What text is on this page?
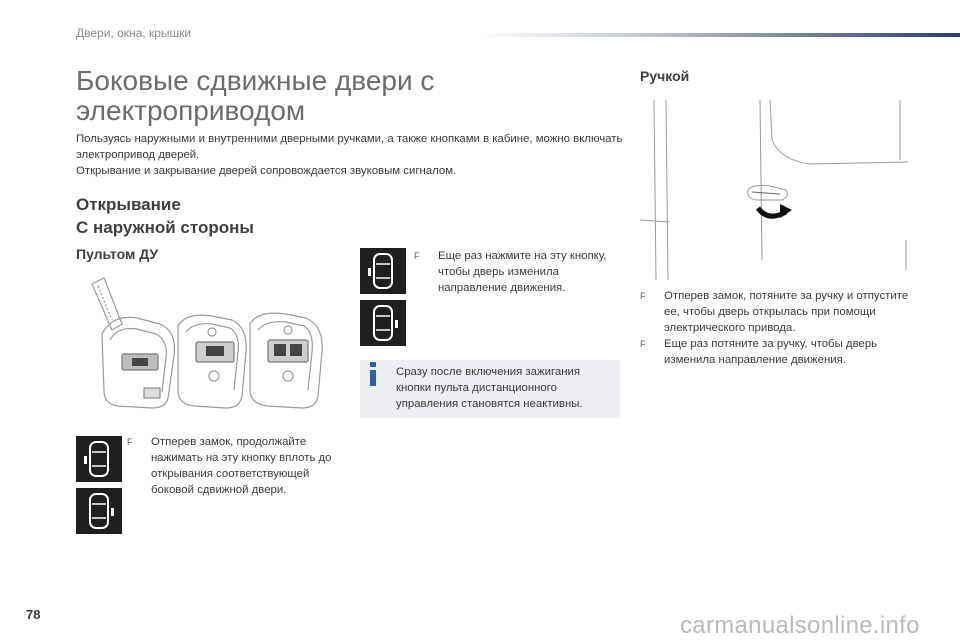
Двери, окна, крышки
Боковые сдвижные двери с
электроприводом

Пользуясь наружными и внутренними дверными ручками, а также кнопками в кабине, можно включать электропривод дверей.

Открывание и закрывание дверей сопровождается звуковым сигналом.

Открывание
С наружной стороны
Пультом ДУ
Ручкой
F	Отперев замок, продолжайте нажимать на эту кнопку вплоть до открывания соответствующей боковой сдвижной двери.
F	Еще раз нажмите на эту кнопку, чтобы дверь изменила направление движения.
Сразу после включения зажигания кнопки пульта дистанционного управления становятся неактивны.
F	Отперев замок, потяните за ручку и отпустите ее, чтобы дверь открылась при помощи электрического привода.
F	Еще раз потяните за ручку, чтобы дверь изменила направление движения.
78	carmanualsonline.info
